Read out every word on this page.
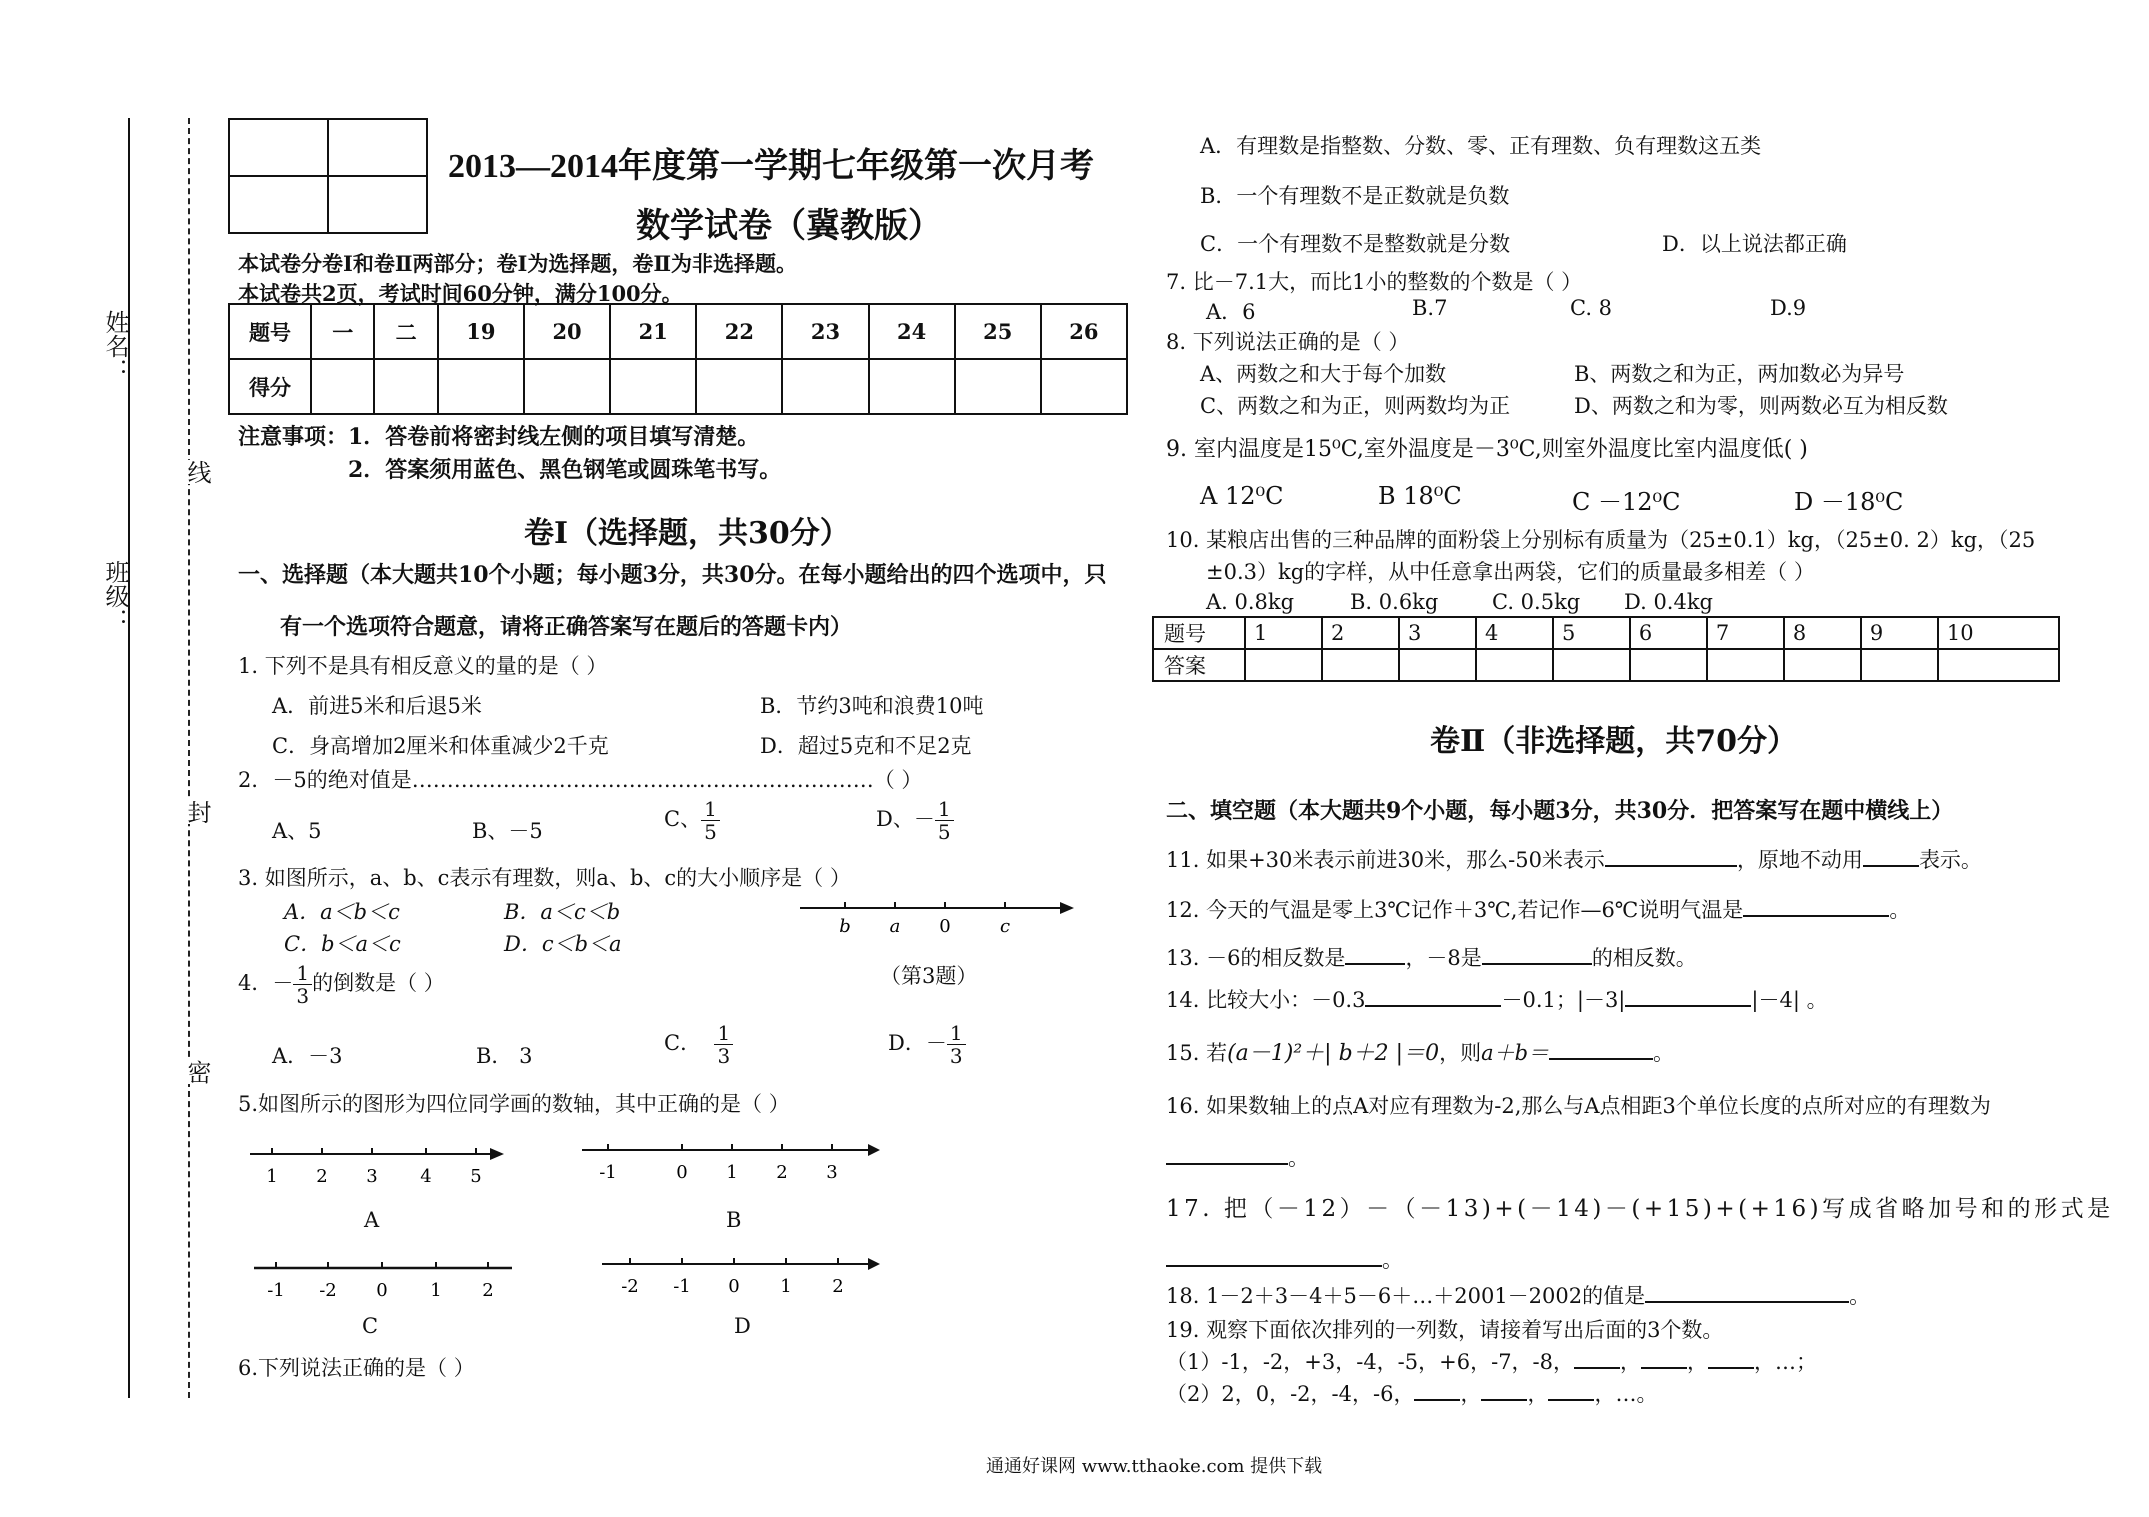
姓名：
班级：
线
封
密

2013—2014年度第一学期七年级第一次月考
数学试卷（冀教版）
本试卷分卷Ⅰ和卷Ⅱ两部分；卷Ⅰ为选择题，卷Ⅱ为非选择题。
本试卷共2页，考试时间60分钟，满分100分。
题号	一	二	19	20	21	22	23	24	25	26
得分										
注意事项：1．答卷前将密封线左侧的项目填写清楚。
2．答案须用蓝色、黑色钢笔或圆珠笔书写。
卷Ⅰ（选择题，共30分）
一、选择题（本大题共10个小题；每小题3分，共30分。在每小题给出的四个选项中，只
有一个选项符合题意，请将正确答案写在题后的答题卡内）
1. 下列不是具有相反意义的量的是（ ）
A．前进5米和后退5米	B．节约3吨和浪费10吨
C．身高增加2厘米和体重减少2千克	D．超过5克和不足2克
2．－5的绝对值是…………………………………………………………（ ）
A、5	B、－5	C、 $\frac{1}{5}$	D、－ $\frac{1}{5}$
3. 如图所示，a、b、c表示有理数，则a、b、c的大小顺序是（ ）
A．a＜b＜c	B．a＜c＜b
C．b＜a＜c	D．c＜b＜a
b a 0	c
（第3题）
4．－ $\frac{1}{3}$ 的倒数是（ ）
A．－3	B． 3
C． $\frac{1}{3}$	D．－ $\frac{1}{3}$
5.如图所示的图形为四位同学画的数轴，其中正确的是（ ）
1 2 3 4 5
A
-1	0 1 2 3
B
-1 -2 0 1 2
C
-2 -1 0 1 2
D
6.下列说法正确的是（ ）
A．有理数是指整数、分数、零、正有理数、负有理数这五类
B．一个有理数不是正数就是负数
C．一个有理数不是整数就是分数	D．以上说法都正确
7. 比－7.1大，而比1小的整数的个数是（ ）
A．6	B.7	C. 8	D.9
8. 下列说法正确的是（ ）
A、两数之和大于每个加数	B、两数之和为正，两加数必为异号
C、两数之和为正，则两数均为正	D、两数之和为零，则两数必互为相反数
9. 室内温度是15⁰C,室外温度是－3⁰C,则室外温度比室内温度低( )
A 12⁰C	B 18⁰C	C －12⁰C	D －18⁰C
10. 某粮店出售的三种品牌的面粉袋上分别标有质量为（25±0.1）kg，（25±0. 2）kg，（25
±0.3）kg的字样，从中任意拿出两袋，它们的质量最多相差（ ）
A. 0.8kg	B. 0.6kg	C. 0.5kg D. 0.4kg
题号	1	2	3	4	5	6	7	8	9	10
答案										
卷Ⅱ（非选择题，共70分）
二、填空题（本大题共9个小题，每小题3分，共30分．把答案写在题中横线上）
11. 如果+30米表示前进30米，那么-50米表示	，原地不动用	表示。
12. 今天的气温是零上3℃记作＋3℃,若记作—6℃说明气温是	。
13. －6的相反数是	，－8是	的相反数。
14. 比较大小：－0.3	－0.1；|－3|	|－4| 。
15. 若(a－1)²＋| b＋2 |＝0，则a＋b＝	。
16. 如果数轴上的点A对应有理数为-2,那么与A点相距3个单位长度的点所对应的有理数为
。
17. 把（－12）－（－13)+(－14)－(+15)+(+16)写成省略加号和的形式是
。
18. 1－2＋3－4＋5－6＋…＋2001－2002的值是	。
19. 观察下面依次排列的一列数，请接着写出后面的3个数。
（1）-1，-2，+3，-4，-5，+6，-7，-8， ， ， ，…；
（2）2，0，-2，-4，-6， ， ， ，…。
通通好课网 www.tthaoke.com 提供下载
